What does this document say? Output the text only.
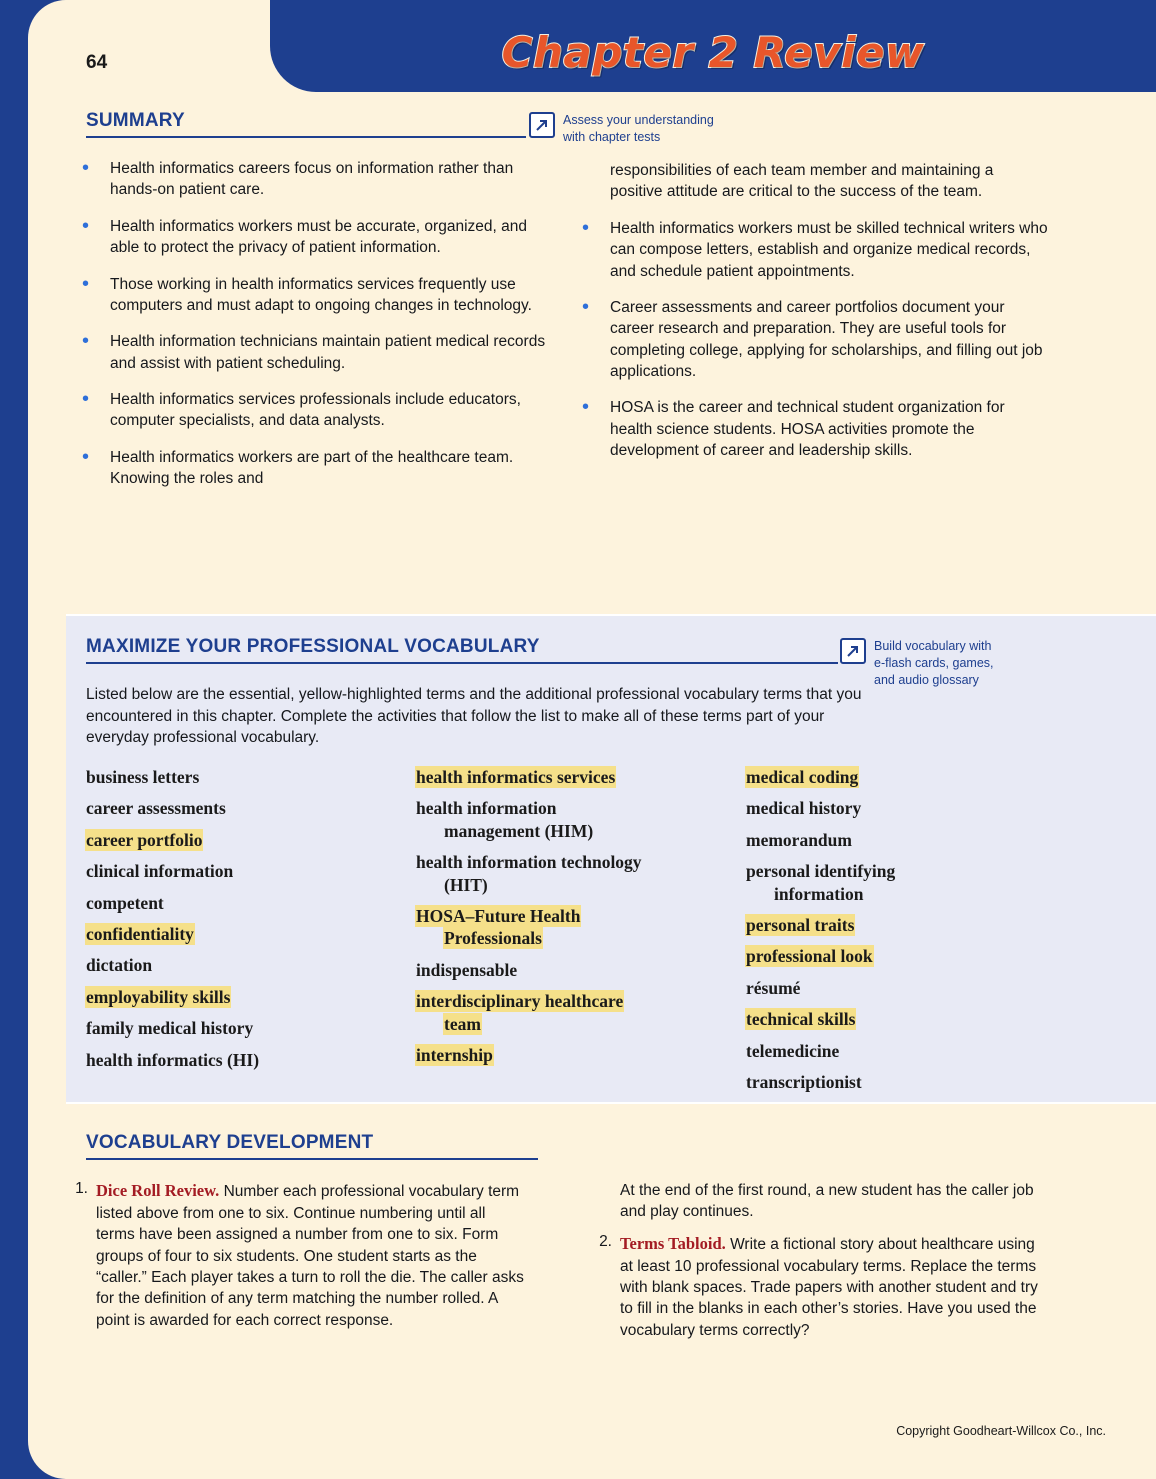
64	Chapter 2 Review
SUMMARY	Assess your understanding
with chapter tests
•	Health informatics careers focus on information rather than hands-on patient care.
•	Health informatics workers must be accurate, organized, and able to protect the privacy of patient information.
•	Those working in health informatics services frequently use computers and must adapt to ongoing changes in technology.
•	Health information technicians maintain patient medical records and assist with patient scheduling.
•	Health informatics services professionals include educators, computer specialists, and data analysts.
•	Health informatics workers are part of the healthcare team. Knowing the roles and

responsibilities of each team member and maintaining a positive attitude are critical to the success of the team.
•	Health informatics workers must be skilled technical writers who can compose letters, establish and organize medical records, and schedule patient appointments.
•	Career assessments and career portfolios document your career research and preparation. They are useful tools for completing college, applying for scholarships, and filling out job applications.
•	HOSA is the career and technical student organization for health science students. HOSA activities promote the development of career and leadership skills.
MAXIMIZE YOUR PROFESSIONAL VOCABULARY	Build vocabulary with
e-flash cards, games,
and audio glossary
Listed below are the essential, yellow-highlighted terms and the additional professional vocabulary terms that you encountered in this chapter. Complete the activities that follow the list to make all of these terms part of your everyday professional vocabulary.
business letters
career assessments
career portfolio
clinical information
competent
confidentiality
dictation
employability skills
family medical history
health informatics (HI)
health informatics services
health information
management (HIM)
health information technology
(HIT)
HOSA–Future Health
Professionals
indispensable
interdisciplinary healthcare
team
internship
medical coding
medical history
memorandum
personal identifying
information
personal traits
professional look
résumé
technical skills
telemedicine
transcriptionist
VOCABULARY DEVELOPMENT
1. Dice Roll Review. Number each professional vocabulary term listed above from one to six. Continue numbering until all terms have been assigned a number from one to six. Form groups of four to six students. One student starts as the “caller.” Each player takes a turn to roll the die. The caller asks for the definition of any term matching the number rolled. A point is awarded for each correct response.

At the end of the first round, a new student has the caller job and play continues.
2. Terms Tabloid. Write a fictional story about healthcare using at least 10 professional vocabulary terms. Replace the terms with blank spaces. Trade papers with another student and try to fill in the blanks in each other’s stories. Have you used the vocabulary terms correctly?
Copyright Goodheart-Willcox Co., Inc.
